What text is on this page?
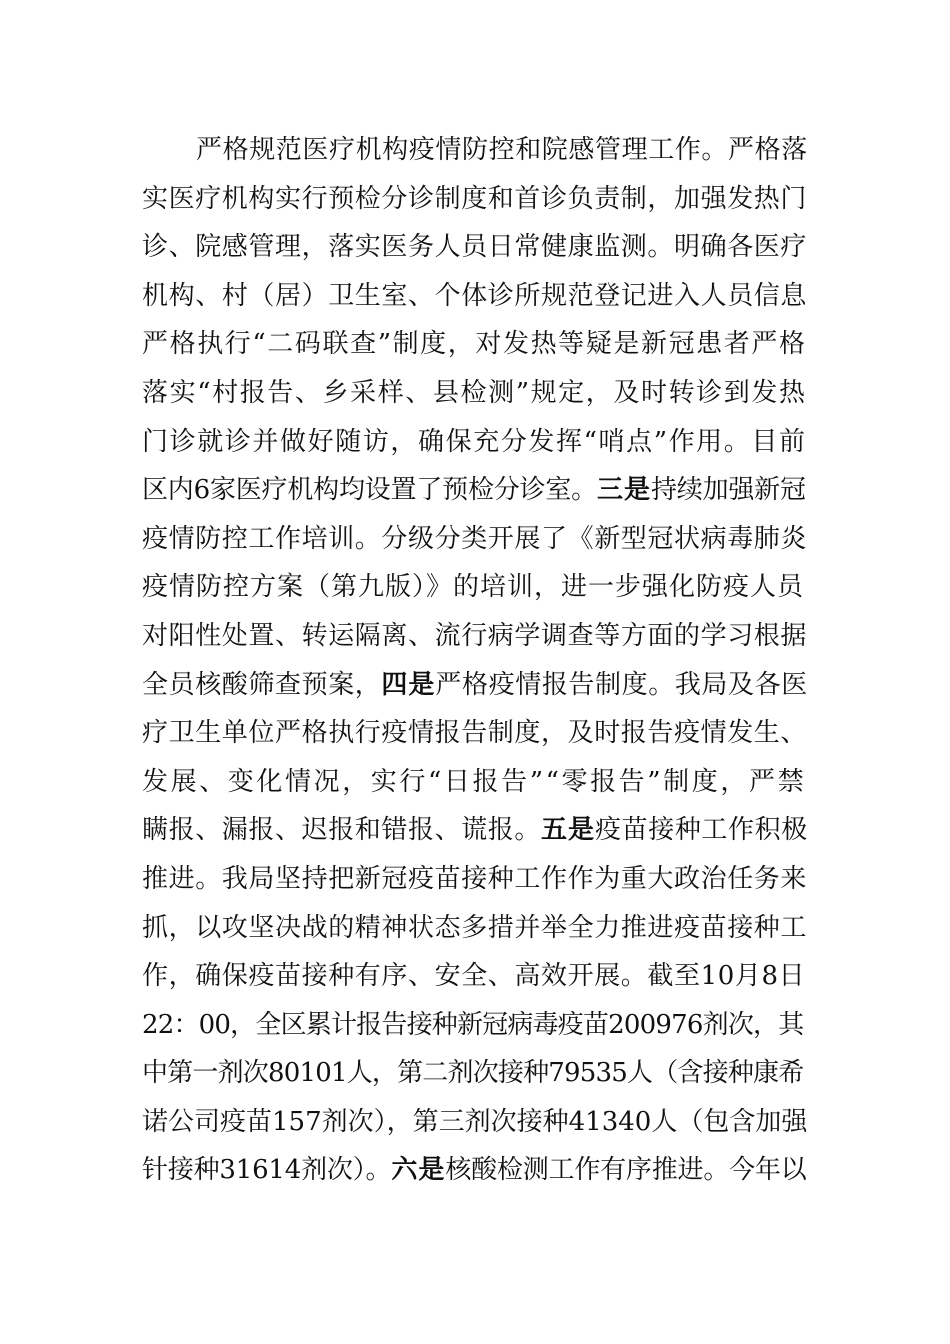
严格规范医疗机构疫情防控和院感管理工作。严格落
实医疗机构实行预检分诊制度和首诊负责制，加强发热门
诊、院感管理，落实医务人员日常健康监测。明确各医疗
机构、村（居）卫生室、个体诊所规范登记进入人员信息
严格执行“二码联查”制度，对发热等疑是新冠患者严格
落实“村报告、乡采样、县检测”规定，及时转诊到发热
门诊就诊并做好随访，确保充分发挥“哨点”作用。目前
区内6家医疗机构均设置了预检分诊室。三是持续加强新冠
疫情防控工作培训。分级分类开展了《新型冠状病毒肺炎
疫情防控方案（第九版）》的培训，进一步强化防疫人员
对阳性处置、转运隔离、流行病学调查等方面的学习根据
全员核酸筛查预案，四是严格疫情报告制度。我局及各医
疗卫生单位严格执行疫情报告制度，及时报告疫情发生、
发展、变化情况，实行“日报告”“零报告”制度，严禁
瞒报、漏报、迟报和错报、谎报。五是疫苗接种工作积极
推进。我局坚持把新冠疫苗接种工作作为重大政治任务来
抓，以攻坚决战的精神状态多措并举全力推进疫苗接种工
作，确保疫苗接种有序、安全、高效开展。截至10月8日
22：00，全区累计报告接种新冠病毒疫苗200976剂次，其
中第一剂次80101人，第二剂次接种79535人（含接种康希
诺公司疫苗157剂次），第三剂次接种41340人（包含加强
针接种31614剂次）。六是核酸检测工作有序推进。今年以
